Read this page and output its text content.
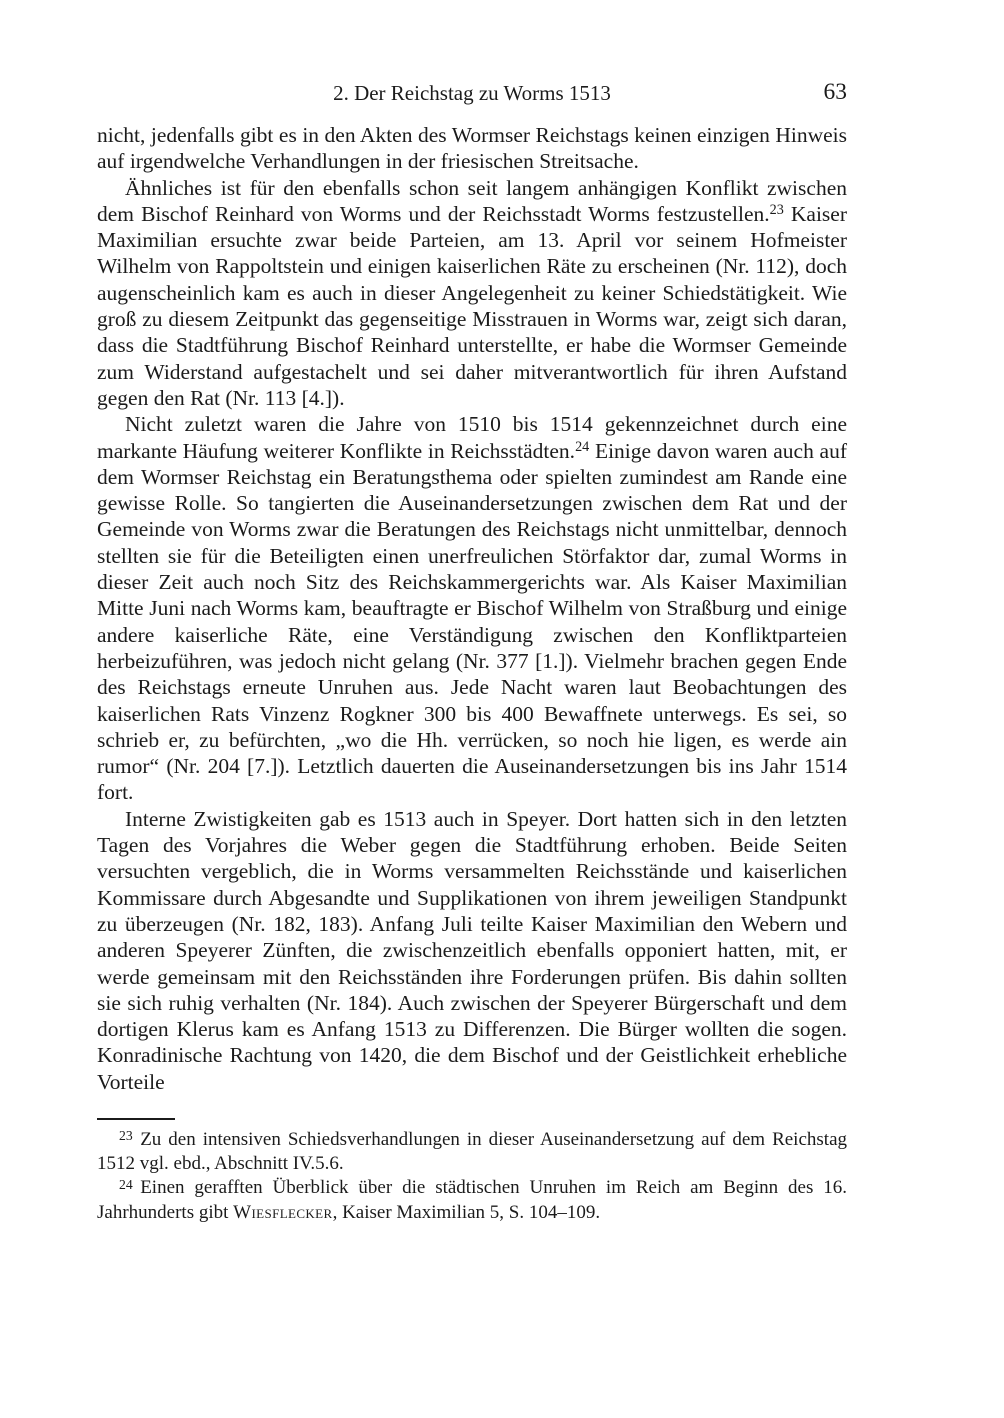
2. Der Reichstag zu Worms 1513	63

nicht, jedenfalls gibt es in den Akten des Wormser Reichstags keinen einzigen Hinweis auf irgendwelche Verhandlungen in der friesischen Streitsache.

Ähnliches ist für den ebenfalls schon seit langem anhängigen Konflikt zwischen dem Bischof Reinhard von Worms und der Reichsstadt Worms festzustellen.$^{23}$ Kaiser Maximilian ersuchte zwar beide Parteien, am 13. April vor seinem Hofmeister Wilhelm von Rappoltstein und einigen kaiserlichen Räte zu erscheinen (Nr. 112), doch augenscheinlich kam es auch in dieser Angelegenheit zu keiner Schiedstätigkeit. Wie groß zu diesem Zeitpunkt das gegenseitige Misstrauen in Worms war, zeigt sich daran, dass die Stadtführung Bischof Reinhard unterstellte, er habe die Wormser Gemeinde zum Widerstand aufgestachelt und sei daher mitverantwortlich für ihren Aufstand gegen den Rat (Nr. 113 [4.]).

Nicht zuletzt waren die Jahre von 1510 bis 1514 gekennzeichnet durch eine markante Häufung weiterer Konflikte in Reichsstädten.$^{24}$ Einige davon waren auch auf dem Wormser Reichstag ein Beratungsthema oder spielten zumindest am Rande eine gewisse Rolle. So tangierten die Auseinandersetzungen zwischen dem Rat und der Gemeinde von Worms zwar die Beratungen des Reichstags nicht unmittelbar, dennoch stellten sie für die Beteiligten einen unerfreulichen Störfaktor dar, zumal Worms in dieser Zeit auch noch Sitz des Reichskammergerichts war. Als Kaiser Maximilian Mitte Juni nach Worms kam, beauftragte er Bischof Wilhelm von Straßburg und einige andere kaiserliche Räte, eine Verständigung zwischen den Konfliktparteien herbeizuführen, was jedoch nicht gelang (Nr. 377 [1.]). Vielmehr brachen gegen Ende des Reichstags erneute Unruhen aus. Jede Nacht waren laut Beobachtungen des kaiserlichen Rats Vinzenz Rogkner 300 bis 400 Bewaffnete unterwegs. Es sei, so schrieb er, zu befürchten, „wo die Hh. verrücken, so noch hie ligen, es werde ain rumor“ (Nr. 204 [7.]). Letztlich dauerten die Auseinandersetzungen bis ins Jahr 1514 fort.

Interne Zwistigkeiten gab es 1513 auch in Speyer. Dort hatten sich in den letzten Tagen des Vorjahres die Weber gegen die Stadtführung erhoben. Beide Seiten versuchten vergeblich, die in Worms versammelten Reichsstände und kaiserlichen Kommissare durch Abgesandte und Supplikationen von ihrem jeweiligen Standpunkt zu überzeugen (Nr. 182, 183). Anfang Juli teilte Kaiser Maximilian den Webern und anderen Speyerer Zünften, die zwischenzeitlich ebenfalls opponiert hatten, mit, er werde gemeinsam mit den Reichsständen ihre Forderungen prüfen. Bis dahin sollten sie sich ruhig verhalten (Nr. 184). Auch zwischen der Speyerer Bürgerschaft und dem dortigen Klerus kam es Anfang 1513 zu Differenzen. Die Bürger wollten die sogen. Konradinische Rachtung von 1420, die dem Bischof und der Geistlichkeit erhebliche Vorteile

$^{23}$ Zu den intensiven Schiedsverhandlungen in dieser Auseinandersetzung auf dem Reichstag 1512 vgl. ebd., Abschnitt IV.5.6.

$^{24}$ Einen gerafften Überblick über die städtischen Unruhen im Reich am Beginn des 16. Jahrhunderts gibt Wiesflecker, Kaiser Maximilian 5, S. 104–109.
